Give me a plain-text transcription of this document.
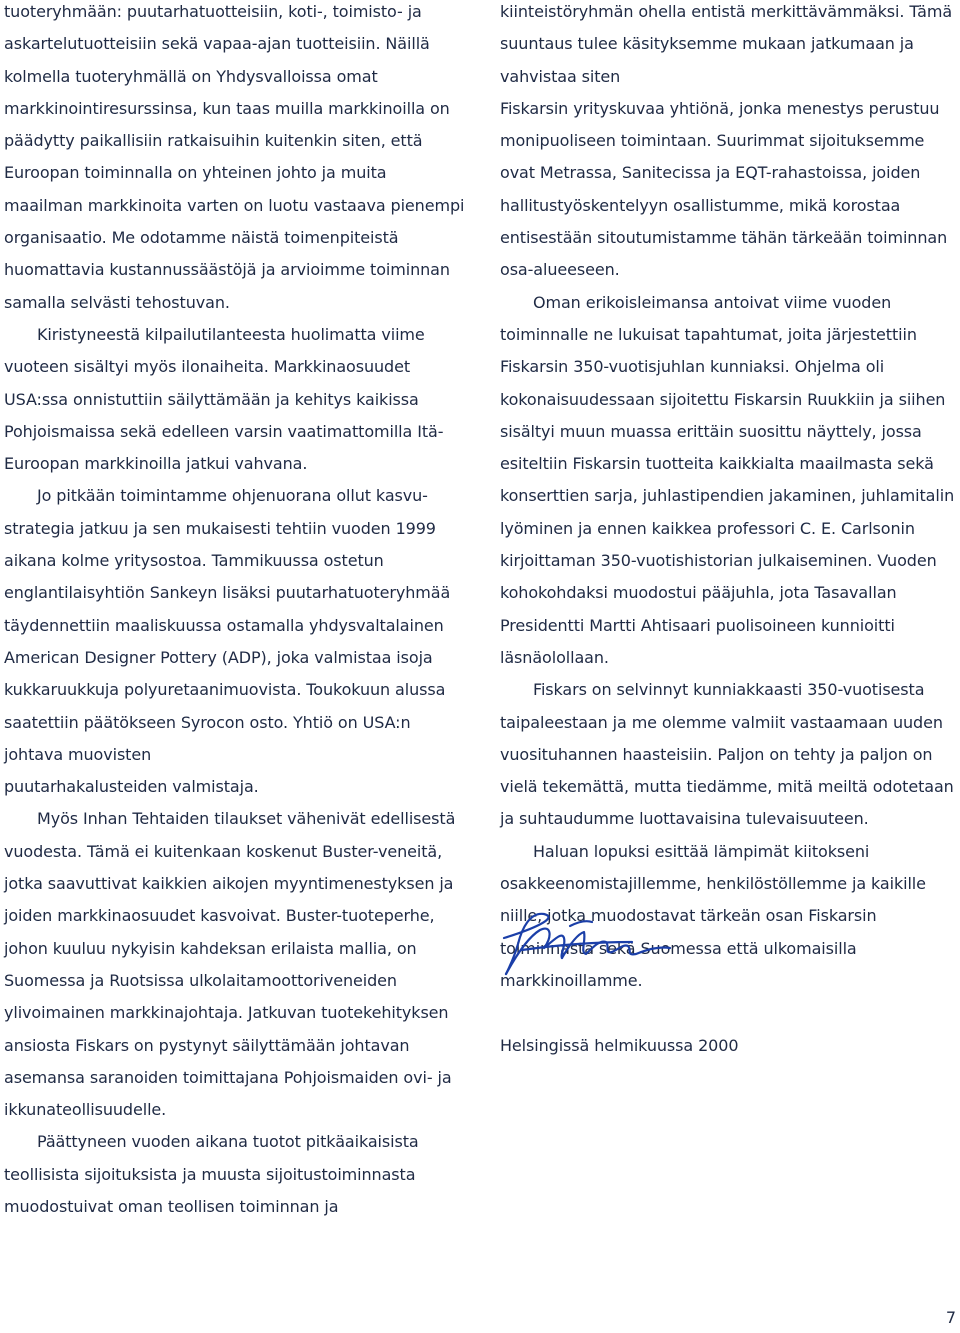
tuoteryhmään: puutarhatuotteisiin, koti-, toimisto- ja
askartelutuotteisiin sekä vapaa-ajan tuotteisiin. Näillä
kolmella tuoteryhmällä on Yhdysvalloissa omat
markkinointiresurssinsa, kun taas muilla markkinoilla on
päädytty paikallisiin ratkaisuihin kuitenkin siten, että
Euroopan toiminnalla on yhteinen johto ja muita
maailman markkinoita varten on luotu vastaava pienempi
organisaatio. Me odotamme näistä toimenpiteistä
huomattavia kustannussäästöjä ja arvioimme toiminnan
samalla selvästi tehostuvan.
Kiristyneestä kilpailutilanteesta huolimatta viime
vuoteen sisältyi myös ilonaiheita. Markkinaosuudet
USA:ssa onnistuttiin säilyttämään ja kehitys kaikissa
Pohjoismaissa sekä edelleen varsin vaatimattomilla Itä-
Euroopan markkinoilla jatkui vahvana.
Jo pitkään toimintamme ohjenuorana ollut kasvu-
strategia jatkuu ja sen mukaisesti tehtiin vuoden 1999
aikana kolme yritysostoa. Tammikuussa ostetun
englantilaisyhtiön Sankeyn lisäksi puutarhatuoteryhmää
täydennettiin maaliskuussa ostamalla yhdysvaltalainen
American Designer Pottery (ADP), joka valmistaa isoja
kukkaruukkuja polyuretaanimuovista. Toukokuun alussa
saatettiin päätökseen Syrocon osto. Yhtiö on USA:n
johtava muovisten
puutarhakalusteiden valmistaja.
Myös Inhan Tehtaiden tilaukset vähenivät edellisestä
vuodesta. Tämä ei kuitenkaan koskenut Buster-veneitä,
jotka saavuttivat kaikkien aikojen myyntimenestyksen ja
joiden markkinaosuudet kasvoivat. Buster-tuoteperhe,
johon kuuluu nykyisin kahdeksan erilaista mallia, on
Suomessa ja Ruotsissa ulkolaitamoottoriveneiden
ylivoimainen markkinajohtaja. Jatkuvan tuotekehityksen
ansiosta Fiskars on pystynyt säilyttämään johtavan
asemansa saranoiden toimittajana Pohjoismaiden ovi- ja
ikkunateollisuudelle.
Päättyneen vuoden aikana tuotot pitkäaikaisista
teollisista sijoituksista ja muusta sijoitustoiminnasta
muodostuivat oman teollisen toiminnan ja
kiinteistöryhmän ohella entistä merkittävämmäksi. Tämä
suuntaus tulee käsityksemme mukaan jatkumaan ja
vahvistaa siten
Fiskarsin yrityskuvaa yhtiönä, jonka menestys perustuu
monipuoliseen toimintaan. Suurimmat sijoituksemme
ovat Metrassa, Sanitecissa ja EQT-rahastoissa, joiden
hallitustyöskentelyyn osallistumme, mikä korostaa
entisestään sitoutumistamme tähän tärkeään toiminnan
osa-alueeseen.
Oman erikoisleimansa antoivat viime vuoden
toiminnalle ne lukuisat tapahtumat, joita järjestettiin
Fiskarsin 350-vuotisjuhlan kunniaksi. Ohjelma oli
kokonaisuudessaan sijoitettu Fiskarsin Ruukkiin ja siihen
sisältyi muun muassa erittäin suosittu näyttely, jossa
esiteltiin Fiskarsin tuotteita kaikkialta maailmasta sekä
konserttien sarja, juhlastipendien jakaminen, juhlamitalin
lyöminen ja ennen kaikkea professori C. E. Carlsonin
kirjoittaman 350-vuotishistorian julkaiseminen. Vuoden
kohokohdaksi muodostui pääjuhla, jota Tasavallan
Presidentti Martti Ahtisaari puolisoineen kunnioitti
läsnäolollaan.
Fiskars on selvinnyt kunniakkaasti 350-vuotisesta
taipaleestaan ja me olemme valmiit vastaamaan uuden
vuosituhannen haasteisiin. Paljon on tehty ja paljon on
vielä tekemättä, mutta tiedämme, mitä meiltä odotetaan
ja suhtaudumme luottavaisina tulevaisuuteen.
Haluan lopuksi esittää lämpimät kiitokseni
osakkeenomistajillemme, henkilöstöllemme ja kaikille
niille, jotka muodostavat tärkeän osan Fiskarsin
toiminnasta sekä Suomessa että ulkomaisilla
markkinoillamme.
Helsingissä helmikuussa 2000
7
